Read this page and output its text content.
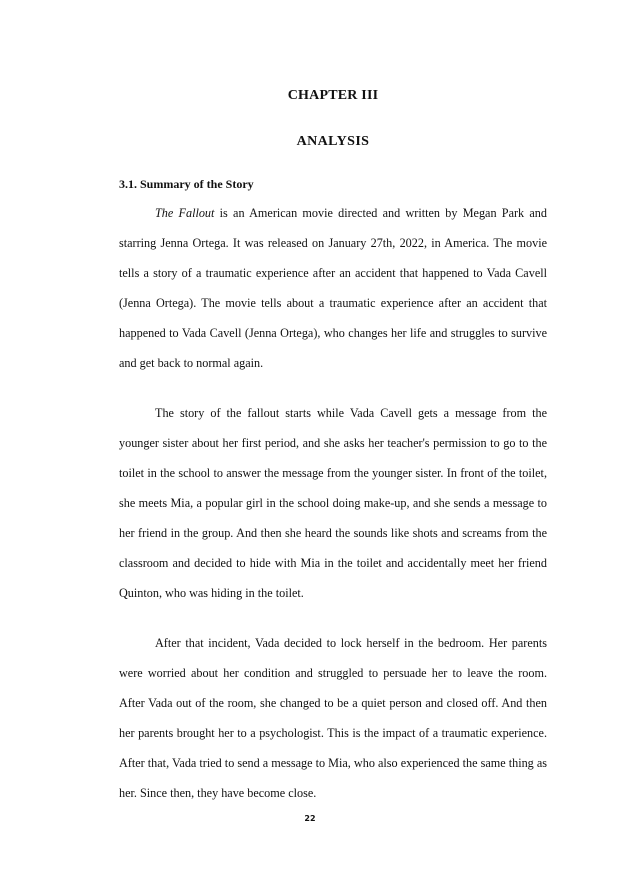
CHAPTER III
ANALYSIS
3.1. Summary of the Story

The Fallout is an American movie directed and written by Megan Park and starring Jenna Ortega. It was released on January 27th, 2022, in America. The movie tells a story of a traumatic experience after an accident that happened to Vada Cavell (Jenna Ortega). The movie tells about a traumatic experience after an accident that happened to Vada Cavell (Jenna Ortega), who changes her life and struggles to survive and get back to normal again.

The story of the fallout starts while Vada Cavell gets a message from the younger sister about her first period, and she asks her teacher's permission to go to the toilet in the school to answer the message from the younger sister. In front of the toilet, she meets Mia, a popular girl in the school doing make-up, and she sends a message to her friend in the group. And then she heard the sounds like shots and screams from the classroom and decided to hide with Mia in the toilet and accidentally meet her friend Quinton, who was hiding in the toilet.

After that incident, Vada decided to lock herself in the bedroom. Her parents were worried about her condition and struggled to persuade her to leave the room. After Vada out of the room, she changed to be a quiet person and closed off. And then her parents brought her to a psychologist. This is the impact of a traumatic experience. After that, Vada tried to send a message to Mia, who also experienced the same thing as her. Since then, they have become close.

22
